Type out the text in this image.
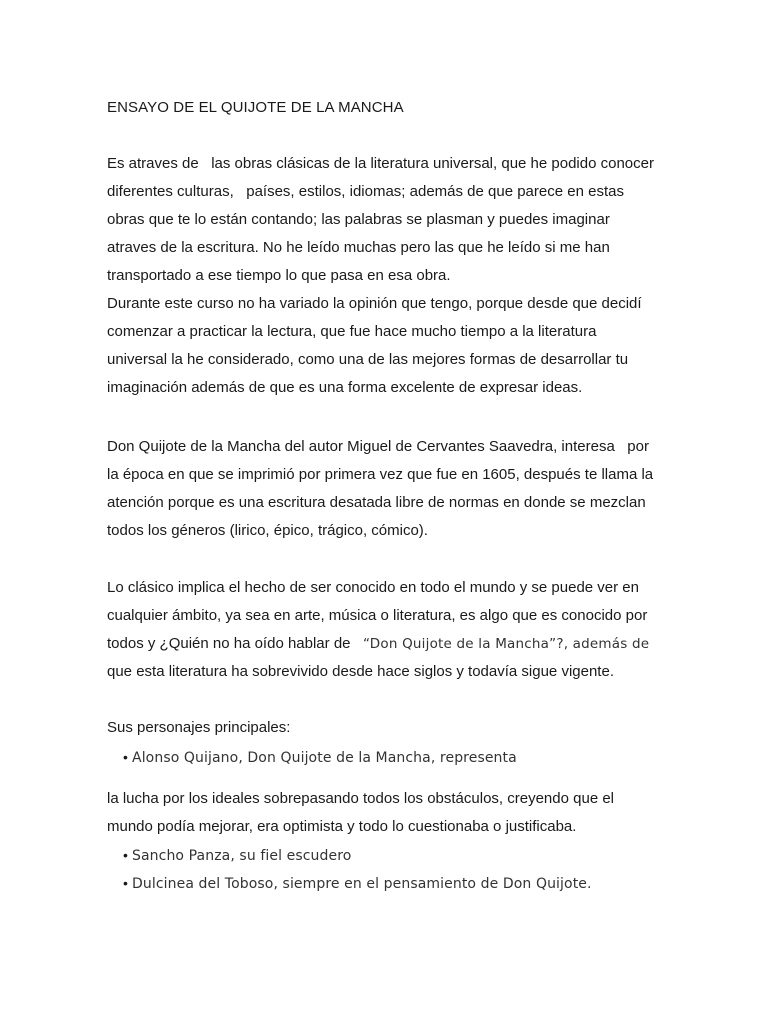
ENSAYO DE EL QUIJOTE DE LA MANCHA
Es atraves de   las obras clásicas de la literatura universal, que he podido conocer
diferentes culturas,   países, estilos, idiomas; además de que parece en estas
obras que te lo están contando; las palabras se plasman y puedes imaginar
atraves de la escritura. No he leído muchas pero las que he leído si me han
transportado a ese tiempo lo que pasa en esa obra.
Durante este curso no ha variado la opinión que tengo, porque desde que decidí
comenzar a practicar la lectura, que fue hace mucho tiempo a la literatura
universal la he considerado, como una de las mejores formas de desarrollar tu
imaginación además de que es una forma excelente de expresar ideas.
Don Quijote de la Mancha del autor Miguel de Cervantes Saavedra, interesa   por
la época en que se imprimió por primera vez que fue en 1605, después te llama la
atención porque es una escritura desatada libre de normas en donde se mezclan
todos los géneros (lirico, épico, trágico, cómico).
Lo clásico implica el hecho de ser conocido en todo el mundo y se puede ver en
cualquier ámbito, ya sea en arte, música o literatura, es algo que es conocido por
todos y ¿Quién no ha oído hablar de   “Don Quijote de la Mancha”?, además de
que esta literatura ha sobrevivido desde hace siglos y todavía sigue vigente.
Sus personajes principales:
• Alonso Quijano, Don Quijote de la Mancha, representa
la lucha por los ideales sobrepasando todos los obstáculos, creyendo que el
mundo podía mejorar, era optimista y todo lo cuestionaba o justificaba.
• Sancho Panza, su fiel escudero
• Dulcinea del Toboso, siempre en el pensamiento de Don Quijote.
